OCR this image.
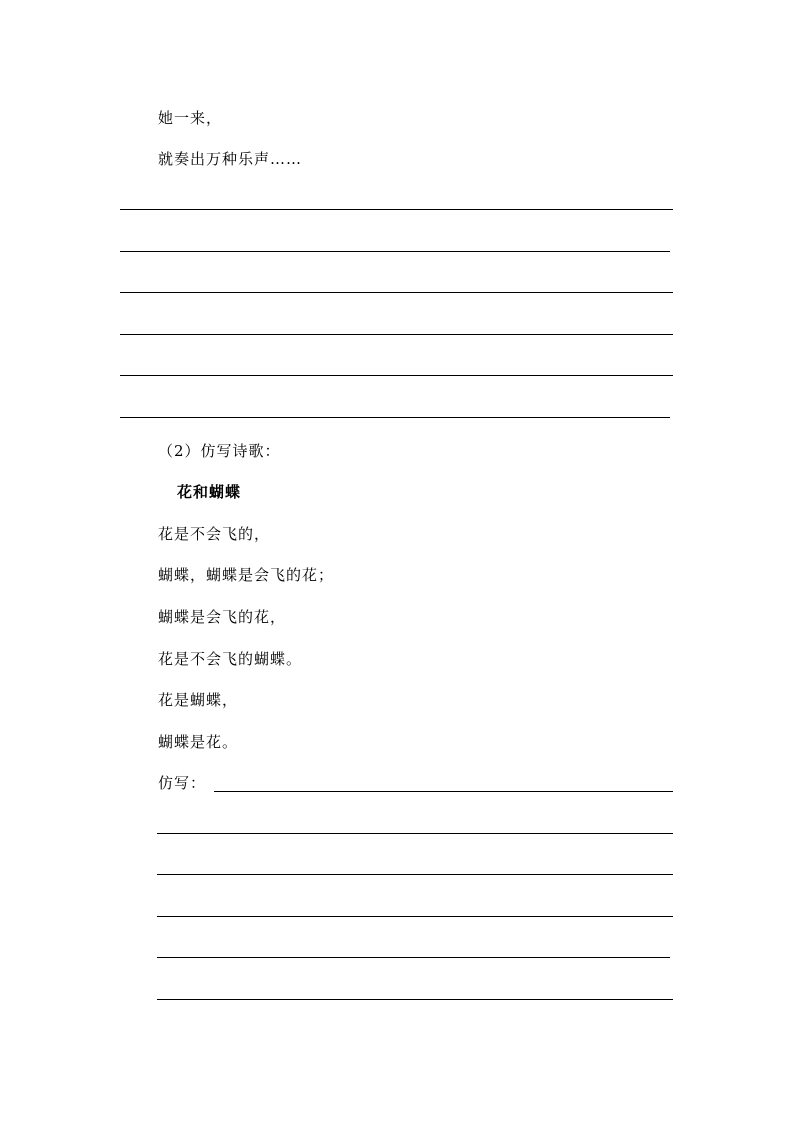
她一来，
就奏出万种乐声……
（2）仿写诗歌：
花和蝴蝶
花是不会飞的，
蝴蝶，蝴蝶是会飞的花；
蝴蝶是会飞的花，
花是不会飞的蝴蝶。
花是蝴蝶，
蝴蝶是花。
仿写：
